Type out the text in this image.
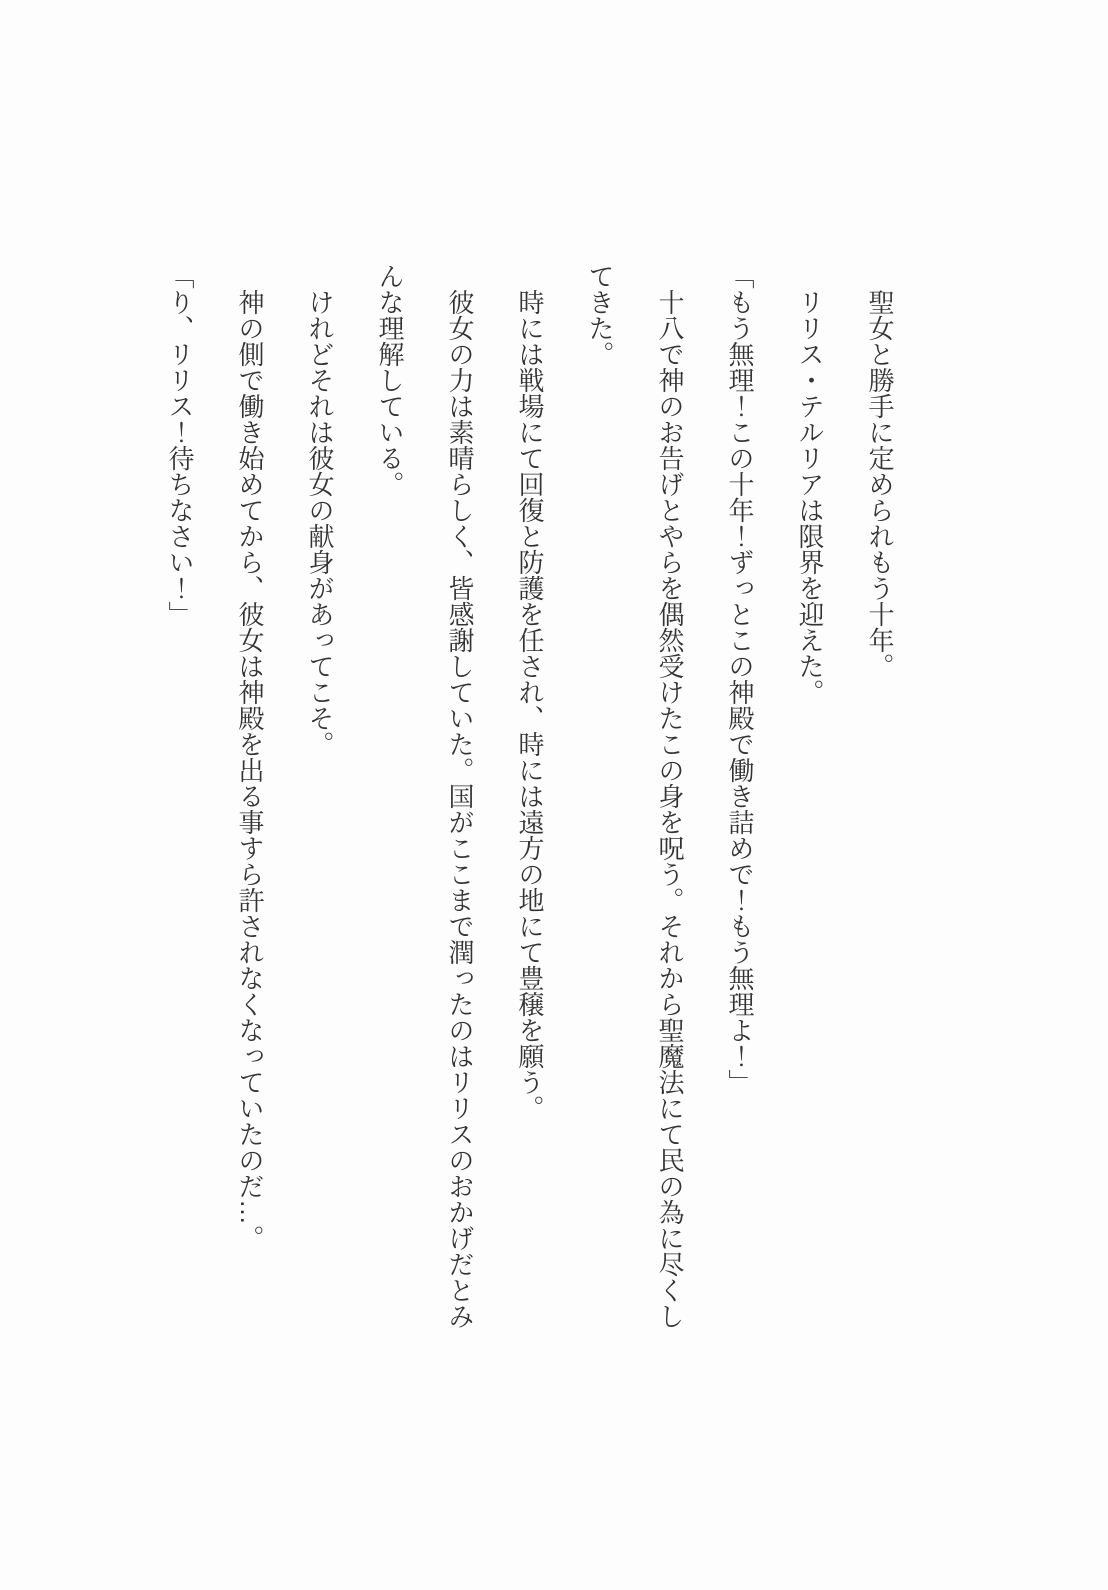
聖女と勝手に定められもう十年。

リリス・テルリアは限界を迎えた。

「もう無理！この十年！ずっとこの神殿で働き詰めで！もう無理よ！」

十八で神のお告げとやらを偶然受けたこの身を呪う。それから聖魔法にて民の為に尽くしてきた。

時には戦場にて回復と防護を任され、時には遠方の地にて豊穣を願う。

彼女の力は素晴らしく、皆感謝していた。国がここまで潤ったのはリリスのおかげだとみんな理解している。

けれどそれは彼女の献身があってこそ。

神の側で働き始めてから、彼女は神殿を出る事すら許されなくなっていたのだ…。

「り、リリス！待ちなさい！」
